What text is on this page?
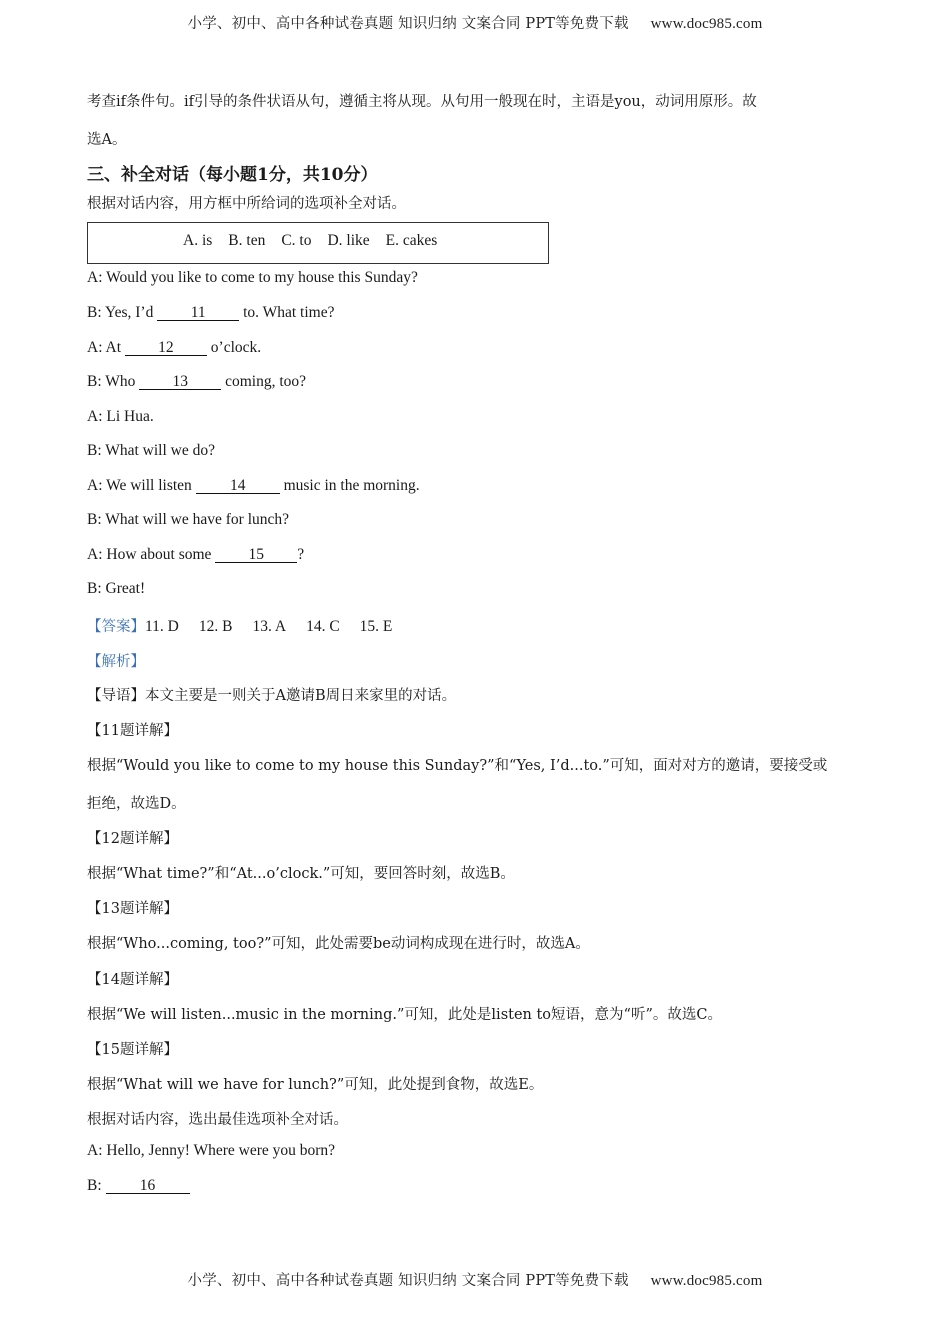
小学、初中、高中各种试卷真题 知识归纳 文案合同 PPT等免费下载 www.doc985.com
考查if条件句。if引导的条件状语从句，遵循主将从现。从句用一般现在时，主语是you，动词用原形。故
选A。
三、补全对话（每小题1分，共10分）
根据对话内容，用方框中所给词的选项补全对话。
A. is B. ten C. to D. like E. cakes
A: Would you like to come to my house this Sunday?
B: Yes, I’d 11 to. What time?
A: At 12 o’clock.
B: Who 13 coming, too?
A: Li Hua.
B: What will we do?
A: We will listen 14 music in the morning.
B: What will we have for lunch?
A: How about some 15 ?
B: Great!
【答案】11. D 12. B 13. A 14. C 15. E
【解析】
【导语】本文主要是一则关于A邀请B周日来家里的对话。
【11题详解】
根据“Would you like to come to my house this Sunday?”和“Yes, I’d...to.”可知，面对对方的邀请，要接受或
拒绝，故选D。
【12题详解】
根据“What time?”和“At...o’clock.”可知，要回答时刻，故选B。
【13题详解】
根据“Who...coming, too?”可知，此处需要be动词构成现在进行时，故选A。
【14题详解】
根据“We will listen...music in the morning.”可知，此处是listen to短语，意为“听”。故选C。
【15题详解】
根据“What will we have for lunch?”可知，此处提到食物，故选E。
根据对话内容，选出最佳选项补全对话。
A: Hello, Jenny! Where were you born?
B: 16
小学、初中、高中各种试卷真题 知识归纳 文案合同 PPT等免费下载 www.doc985.com
